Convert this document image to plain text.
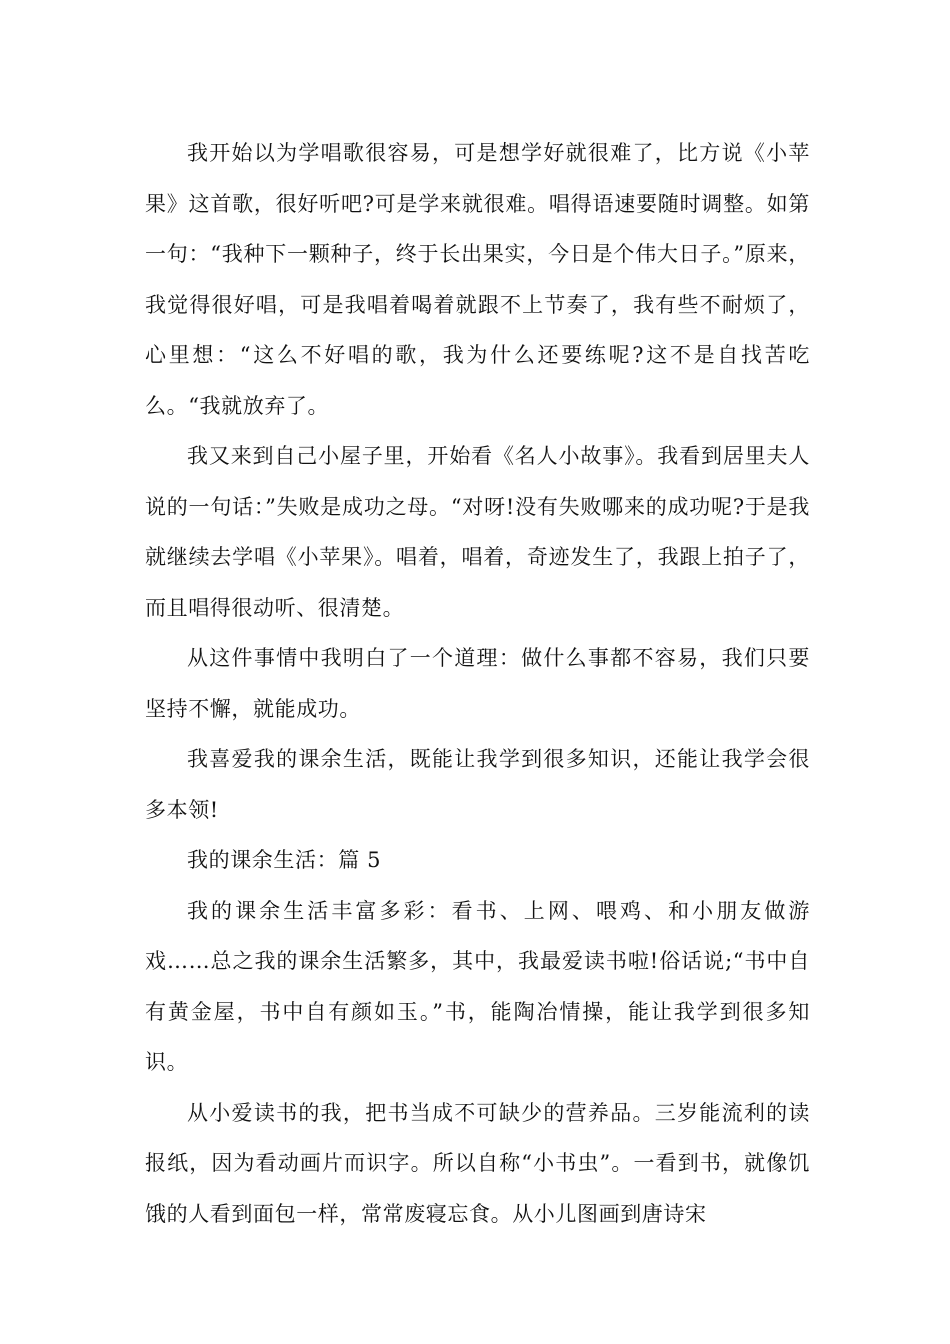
我开始以为学唱歌很容易，可是想学好就很难了，比方说《小苹果》这首歌，很好听吧?可是学来就很难。唱得语速要随时调整。如第一句：“我种下一颗种子，终于长出果实，今日是个伟大日子。”原来，我觉得很好唱，可是我唱着喝着就跟不上节奏了，我有些不耐烦了，心里想：“这么不好唱的歌，我为什么还要练呢?这不是自找苦吃么。“我就放弃了。

我又来到自己小屋子里，开始看《名人小故事》。我看到居里夫人说的一句话：”失败是成功之母。“对呀!没有失败哪来的成功呢?于是我就继续去学唱《小苹果》。唱着，唱着，奇迹发生了，我跟上拍子了，而且唱得很动听、很清楚。

从这件事情中我明白了一个道理：做什么事都不容易，我们只要坚持不懈，就能成功。

我喜爱我的课余生活，既能让我学到很多知识，还能让我学会很多本领!

我的课余生活：篇 5

我的课余生活丰富多彩：看书、上网、喂鸡、和小朋友做游戏……总之我的课余生活繁多，其中，我最爱读书啦!俗话说;“书中自有黄金屋，书中自有颜如玉。”书，能陶冶情操，能让我学到很多知识。

从小爱读书的我，把书当成不可缺少的营养品。三岁能流利的读报纸，因为看动画片而识字。所以自称“小书虫”。一看到书，就像饥饿的人看到面包一样，常常废寝忘食。从小儿图画到唐诗宋
